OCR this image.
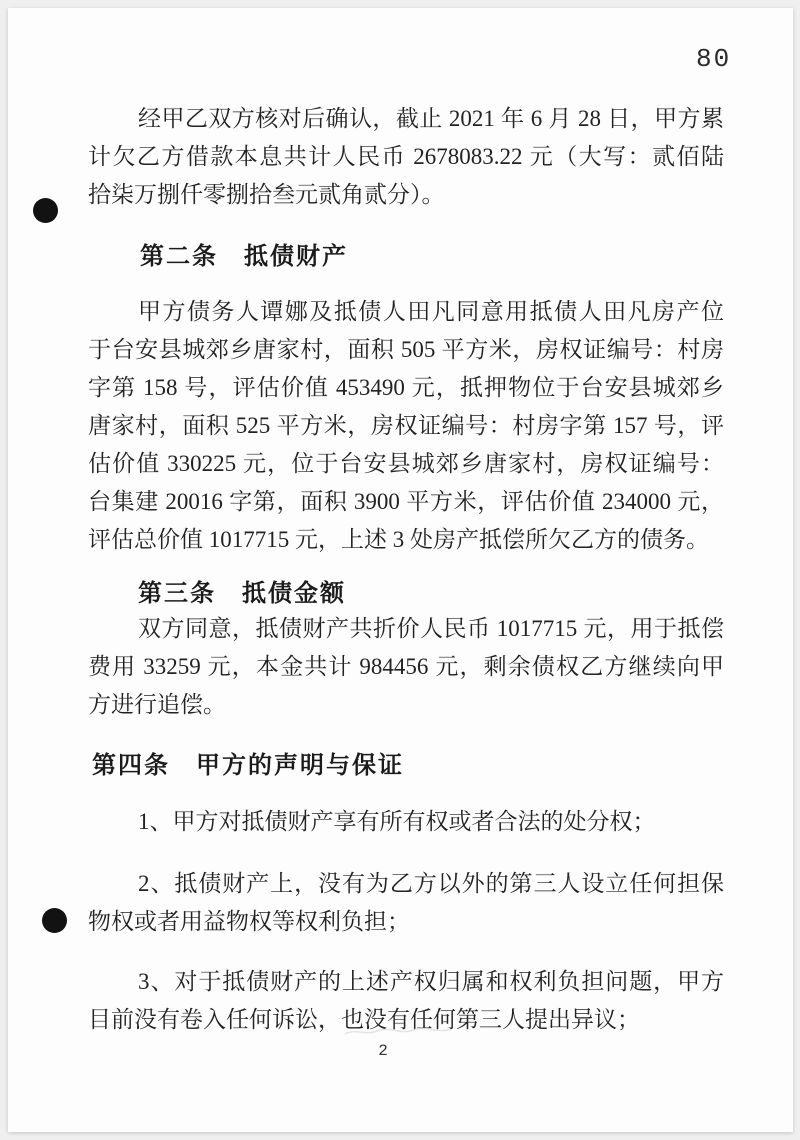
80
经甲乙双方核对后确认，截止 2021 年 6 月 28 日，甲方累
计欠乙方借款本息共计人民币 2678083.22 元（大写：贰佰陆
拾柒万捌仟零捌拾叁元贰角贰分）。
第二条　抵债财产
甲方债务人谭娜及抵债人田凡同意用抵债人田凡房产位
于台安县城郊乡唐家村，面积 505 平方米，房权证编号：村房
字第 158 号，评估价值 453490 元，抵押物位于台安县城郊乡
唐家村，面积 525 平方米，房权证编号：村房字第 157 号，评
估价值 330225 元，位于台安县城郊乡唐家村，房权证编号：
台集建 20016 字第，面积 3900 平方米，评估价值 234000 元，
评估总价值 1017715 元，上述 3 处房产抵偿所欠乙方的债务。
第三条　抵债金额
双方同意，抵债财产共折价人民币 1017715 元，用于抵偿
费用 33259 元，本金共计 984456 元，剩余债权乙方继续向甲
方进行追偿。
第四条　甲方的声明与保证
1、甲方对抵债财产享有所有权或者合法的处分权；
2、抵债财产上，没有为乙方以外的第三人设立任何担保
物权或者用益物权等权利负担；
3、对于抵债财产的上述产权归属和权利负担问题，甲方
目前没有卷入任何诉讼，也没有任何第三人提出异议；
2
